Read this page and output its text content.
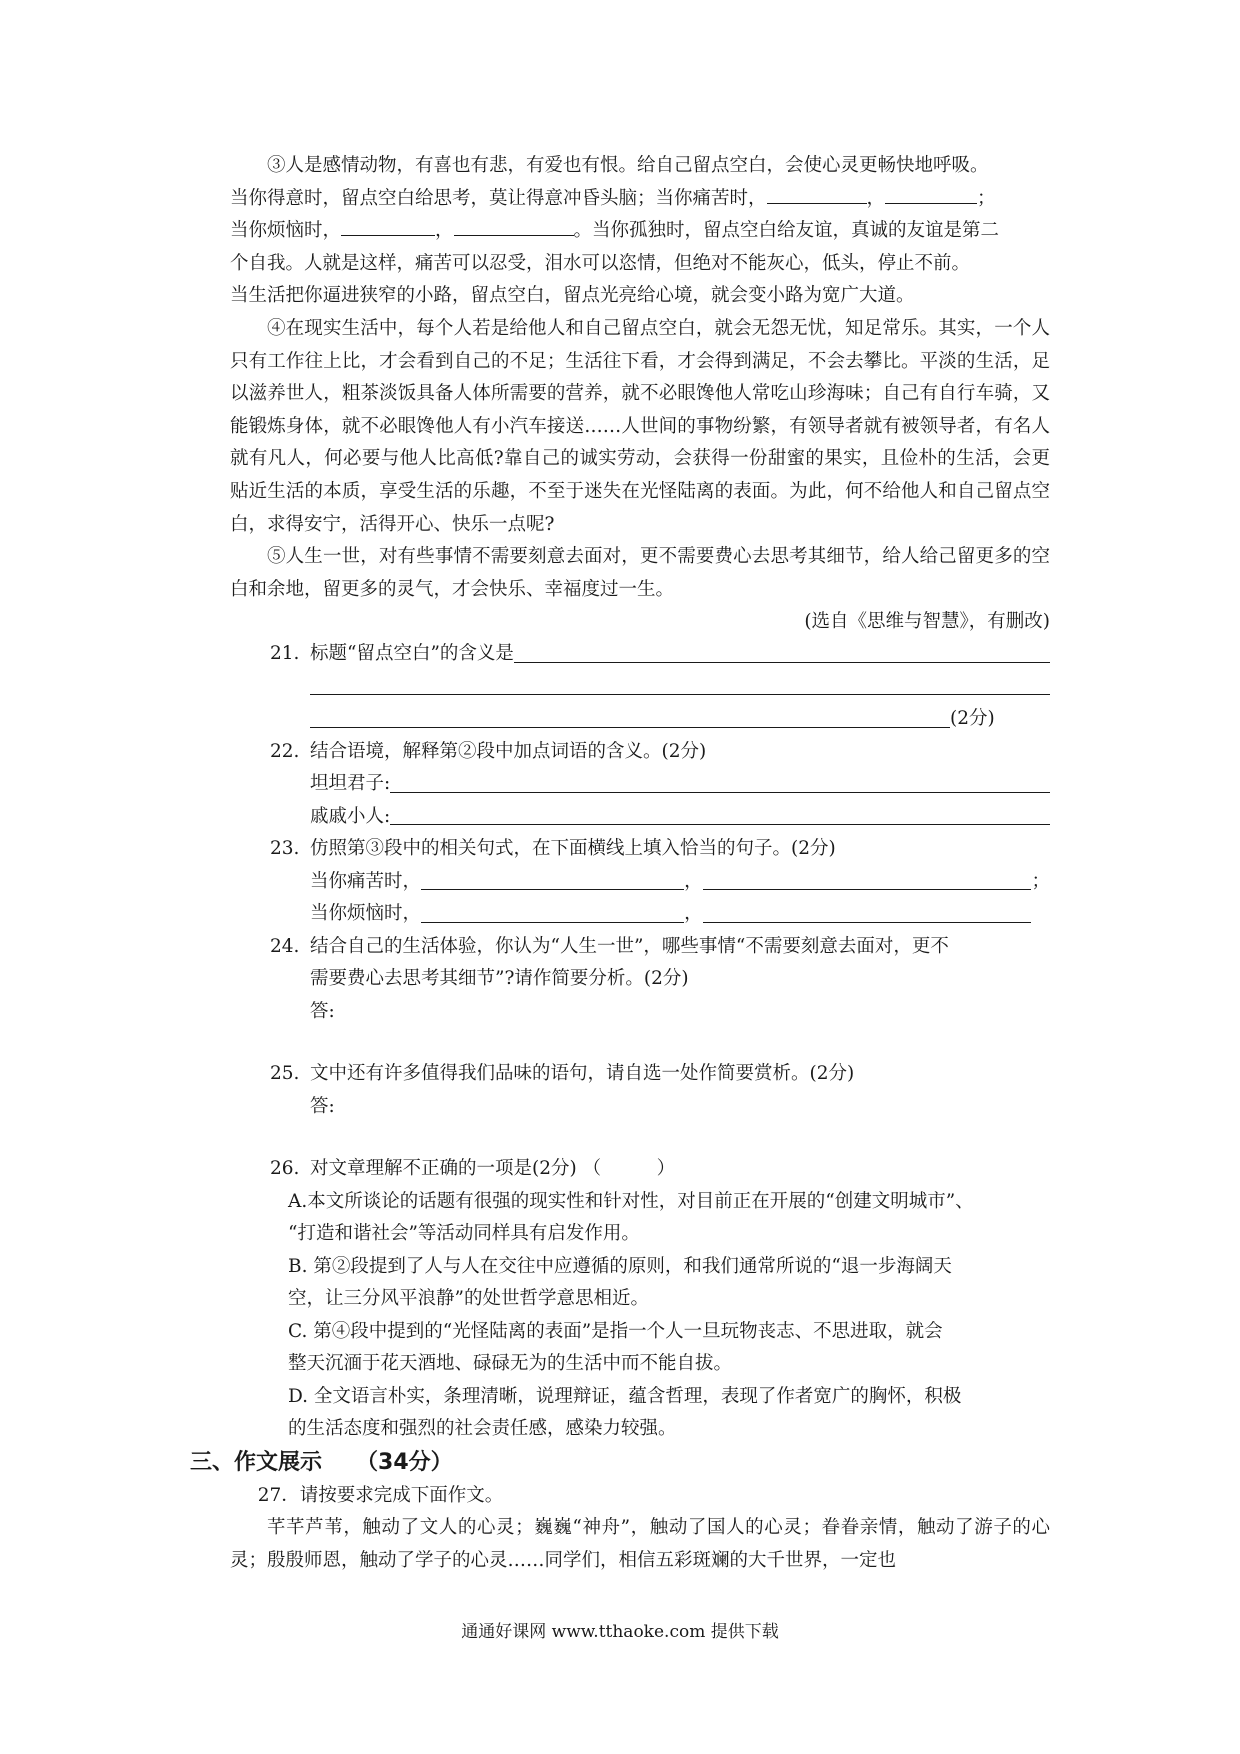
③人是感情动物，有喜也有悲，有爱也有恨。给自己留点空白，会使心灵更畅快地呼吸。

当你得意时，留点空白给思考，莫让得意冲昏头脑；当你痛苦时，	，	；

当你烦恼时，	，	。当你孤独时，留点空白给友谊，真诚的友谊是第二

个自我。人就是这样，痛苦可以忍受，泪水可以恣情，但绝对不能灰心，低头，停止不前。

当生活把你逼进狭窄的小路，留点空白，留点光亮给心境，就会变小路为宽广大道。

④在现实生活中，每个人若是给他人和自己留点空白，就会无怨无忧，知足常乐。其实，一个人只有工作往上比，才会看到自己的不足；生活往下看，才会得到满足，不会去攀比。平淡的生活，足以滋养世人，粗茶淡饭具备人体所需要的营养，就不必眼馋他人常吃山珍海味；自己有自行车骑，又能锻炼身体，就不必眼馋他人有小汽车接送……人世间的事物纷繁，有领导者就有被领导者，有名人就有凡人，何必要与他人比高低?靠自己的诚实劳动，会获得一份甜蜜的果实，且俭朴的生活，会更贴近生活的本质，享受生活的乐趣，不至于迷失在光怪陆离的表面。为此，何不给他人和自己留点空白，求得安宁，活得开心、快乐一点呢?

⑤人生一世，对有些事情不需要刻意去面对，更不需要费心去思考其细节，给人给己留更多的空白和余地，留更多的灵气，才会快乐、幸福度过一生。

(选自《思维与智慧》，有删改)

21. 标题“留点空白”的含义是
(2分)
22. 结合语境，解释第②段中加点词语的含义。(2分)
坦坦君子:
戚戚小人:
23. 仿照第③段中的相关句式，在下面横线上填入恰当的句子。(2分)
当你痛苦时，	，	；
当你烦恼时，	，
24. 结合自己的生活体验，你认为“人生一世”，哪些事情“不需要刻意去面对，更不
需要费心去思考其细节”?请作简要分析。(2分)
答:
25. 文中还有许多值得我们品味的语句，请自选一处作简要赏析。(2分)
答:
26. 对文章理解不正确的一项是(2分) （　　　）
A.本文所谈论的话题有很强的现实性和针对性，对目前正在开展的“创建文明城市”、
“打造和谐社会”等活动同样具有启发作用。
B. 第②段提到了人与人在交往中应遵循的原则，和我们通常所说的“退一步海阔天
空，让三分风平浪静”的处世哲学意思相近。
C. 第④段中提到的“光怪陆离的表面”是指一个人一旦玩物丧志、不思进取，就会
整天沉湎于花天酒地、碌碌无为的生活中而不能自拔。
D. 全文语言朴实，条理清晰，说理辩证，蕴含哲理，表现了作者宽广的胸怀，积极
的生活态度和强烈的社会责任感，感染力较强。

三、作文展示 （34分）

27．请按要求完成下面作文。

芊芊芦苇，触动了文人的心灵；巍巍“神舟”，触动了国人的心灵；眷眷亲情，触动了游子的心灵；殷殷师恩，触动了学子的心灵……同学们，相信五彩斑斓的大千世界，一定也

通通好课网 www.tthaoke.com 提供下载
